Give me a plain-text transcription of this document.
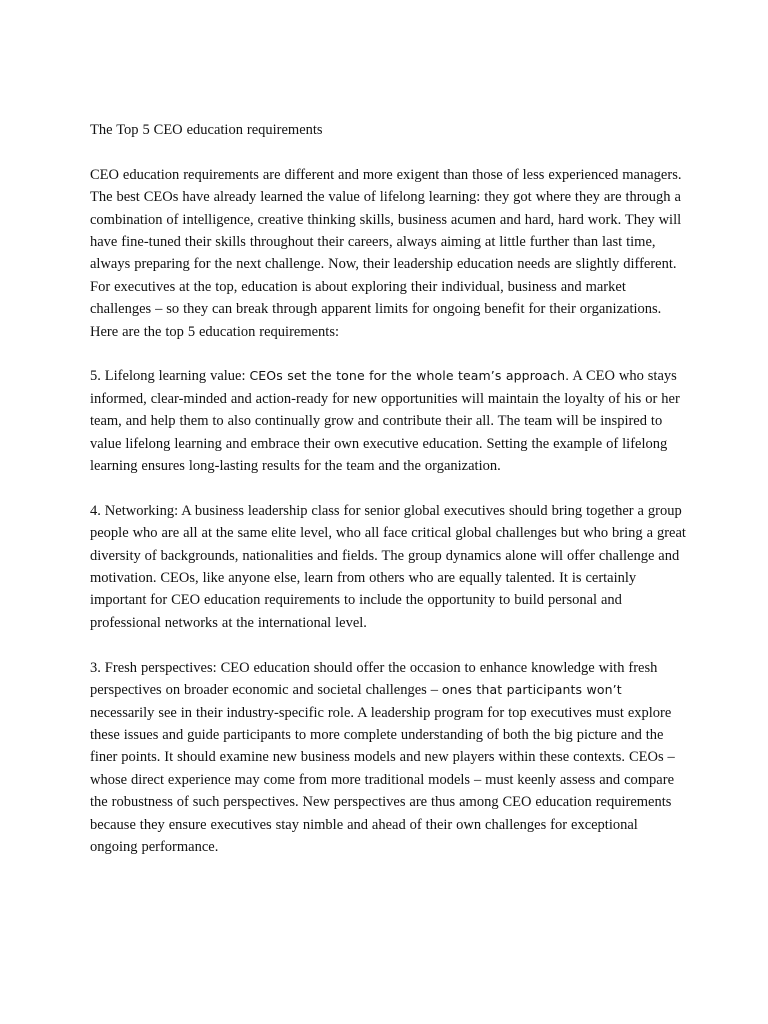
The Top 5 CEO education requirements

CEO education requirements are different and more exigent than those of less experienced managers. The best CEOs have already learned the value of lifelong learning: they got where they are through a combination of intelligence, creative thinking skills, business acumen and hard, hard work. They will have fine-tuned their skills throughout their careers, always aiming at little further than last time, always preparing for the next challenge. Now, their leadership education needs are slightly different. For executives at the top, education is about exploring their individual, business and market challenges – so they can break through apparent limits for ongoing benefit for their organizations.

Here are the top 5 education requirements:

5. Lifelong learning value: CEOs set the tone for the whole team’s approach. A CEO who stays informed, clear-minded and action-ready for new opportunities will maintain the loyalty of his or her team, and help them to also continually grow and contribute their all. The team will be inspired to value lifelong learning and embrace their own executive education. Setting the example of lifelong learning ensures long-lasting results for the team and the organization.

4. Networking: A business leadership class for senior global executives should bring together a group people who are all at the same elite level, who all face critical global challenges but who bring a great diversity of backgrounds, nationalities and fields. The group dynamics alone will offer challenge and motivation. CEOs, like anyone else, learn from others who are equally talented. It is certainly important for CEO education requirements to include the opportunity to build personal and professional networks at the international level.

3. Fresh perspectives: CEO education should offer the occasion to enhance knowledge with fresh perspectives on broader economic and societal challenges – ones that participants won’t necessarily see in their industry-specific role. A leadership program for top executives must explore these issues and guide participants to more complete understanding of both the big picture and the finer points. It should examine new business models and new players within these contexts. CEOs – whose direct experience may come from more traditional models – must keenly assess and compare the robustness of such perspectives. New perspectives are thus among CEO education requirements because they ensure executives stay nimble and ahead of their own challenges for exceptional ongoing performance.
